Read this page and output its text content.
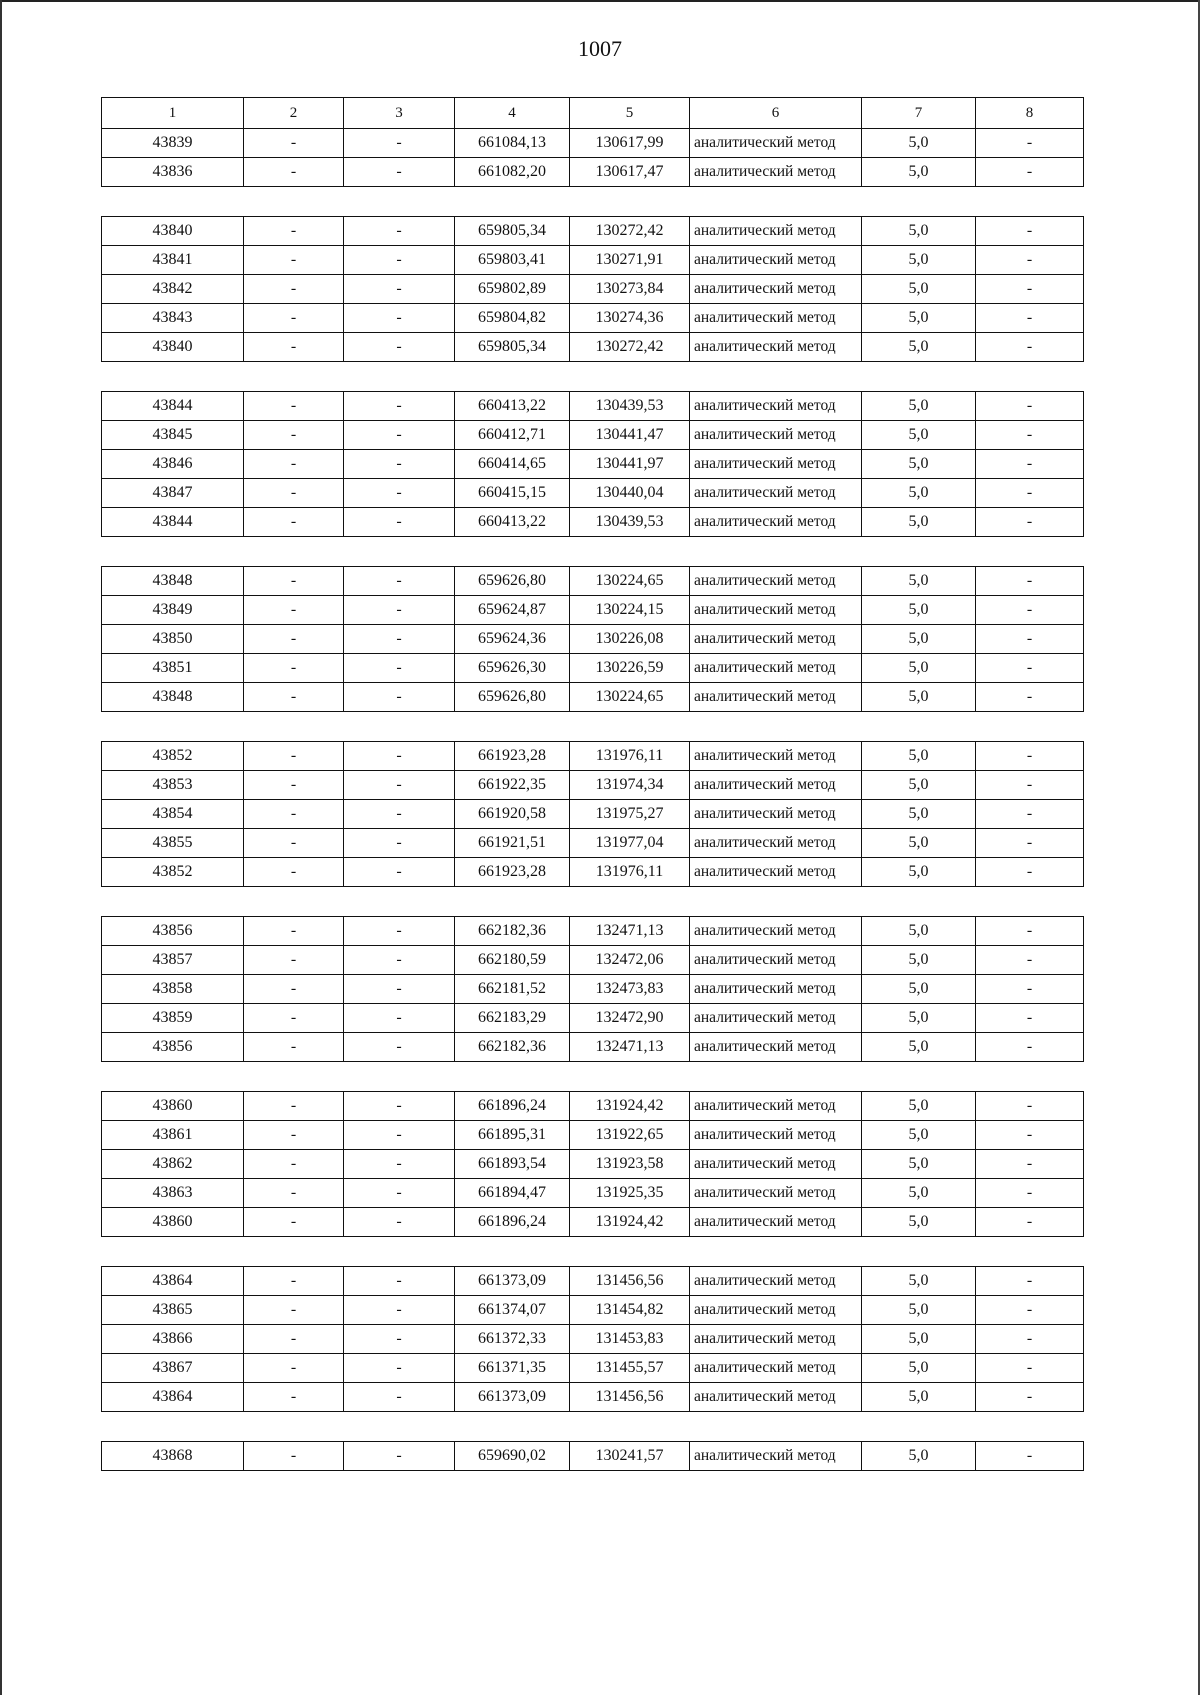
1007
1	2	3	4	5	6	7	8
43839	-	-	661084,13	130617,99	аналитический метод	5,0	-
43836	-	-	661082,20	130617,47	аналитический метод	5,0	-
43840	-	-	659805,34	130272,42	аналитический метод	5,0	-
43841	-	-	659803,41	130271,91	аналитический метод	5,0	-
43842	-	-	659802,89	130273,84	аналитический метод	5,0	-
43843	-	-	659804,82	130274,36	аналитический метод	5,0	-
43840	-	-	659805,34	130272,42	аналитический метод	5,0	-
43844	-	-	660413,22	130439,53	аналитический метод	5,0	-
43845	-	-	660412,71	130441,47	аналитический метод	5,0	-
43846	-	-	660414,65	130441,97	аналитический метод	5,0	-
43847	-	-	660415,15	130440,04	аналитический метод	5,0	-
43844	-	-	660413,22	130439,53	аналитический метод	5,0	-
43848	-	-	659626,80	130224,65	аналитический метод	5,0	-
43849	-	-	659624,87	130224,15	аналитический метод	5,0	-
43850	-	-	659624,36	130226,08	аналитический метод	5,0	-
43851	-	-	659626,30	130226,59	аналитический метод	5,0	-
43848	-	-	659626,80	130224,65	аналитический метод	5,0	-
43852	-	-	661923,28	131976,11	аналитический метод	5,0	-
43853	-	-	661922,35	131974,34	аналитический метод	5,0	-
43854	-	-	661920,58	131975,27	аналитический метод	5,0	-
43855	-	-	661921,51	131977,04	аналитический метод	5,0	-
43852	-	-	661923,28	131976,11	аналитический метод	5,0	-
43856	-	-	662182,36	132471,13	аналитический метод	5,0	-
43857	-	-	662180,59	132472,06	аналитический метод	5,0	-
43858	-	-	662181,52	132473,83	аналитический метод	5,0	-
43859	-	-	662183,29	132472,90	аналитический метод	5,0	-
43856	-	-	662182,36	132471,13	аналитический метод	5,0	-
43860	-	-	661896,24	131924,42	аналитический метод	5,0	-
43861	-	-	661895,31	131922,65	аналитический метод	5,0	-
43862	-	-	661893,54	131923,58	аналитический метод	5,0	-
43863	-	-	661894,47	131925,35	аналитический метод	5,0	-
43860	-	-	661896,24	131924,42	аналитический метод	5,0	-
43864	-	-	661373,09	131456,56	аналитический метод	5,0	-
43865	-	-	661374,07	131454,82	аналитический метод	5,0	-
43866	-	-	661372,33	131453,83	аналитический метод	5,0	-
43867	-	-	661371,35	131455,57	аналитический метод	5,0	-
43864	-	-	661373,09	131456,56	аналитический метод	5,0	-
43868	-	-	659690,02	130241,57	аналитический метод	5,0	-
